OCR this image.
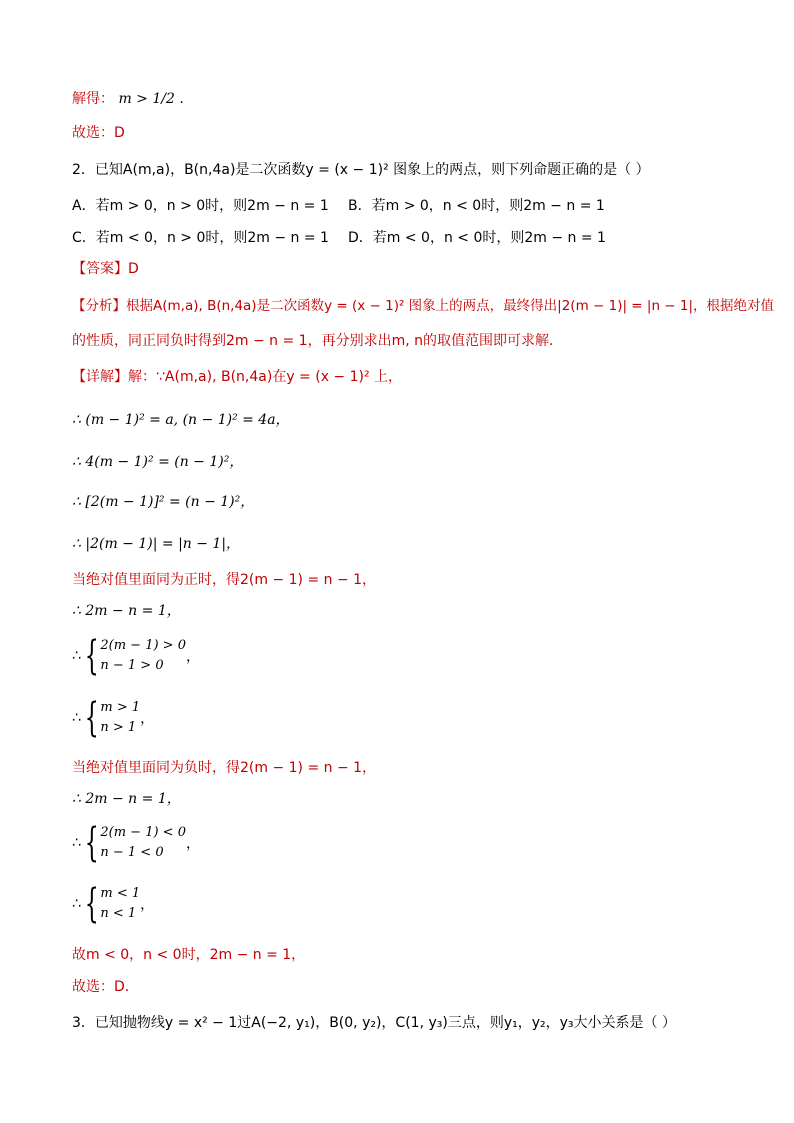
解得： m > 1/2 .
故选：D
2．已知A(m,a)，B(n,4a)是二次函数y = (x − 1)² 图象上的两点，则下列命题正确的是（ ）
A．若m > 0，n > 0时，则2m − n = 1 B．若m > 0，n < 0时，则2m − n = 1
C．若m < 0，n > 0时，则2m − n = 1 D．若m < 0，n < 0时，则2m − n = 1
【答案】D
【分析】根据A(m,a), B(n,4a)是二次函数y = (x − 1)² 图象上的两点，最终得出|2(m − 1)| = |n − 1|，根据绝对值
的性质，同正同负时得到2m − n = 1，再分别求出m, n的取值范围即可求解．
【详解】解：∵A(m,a), B(n,4a)在y = (x − 1)² 上，
∴ (m − 1)² = a, (n − 1)² = 4a，
∴ 4(m − 1)² = (n − 1)²，
∴ [2(m − 1)]² = (n − 1)²，
∴ |2(m − 1)| = |n − 1|，
当绝对值里面同为正时，得2(m − 1) = n − 1，
∴ 2m − n = 1，
∴ { 2(m − 1) > 0
n − 1 > 0
，
∴ { m > 1
n > 1
，
当绝对值里面同为负时，得2(m − 1) = n − 1，
∴ 2m − n = 1，
∴ { 2(m − 1) < 0
n − 1 < 0
，
∴ { m < 1
n < 1
，
故m < 0，n < 0时，2m − n = 1，
故选：D．
3．已知抛物线y = x² − 1过A(−2, y₁)，B(0, y₂)，C(1, y₃)三点，则y₁，y₂，y₃大小关系是（ ）
